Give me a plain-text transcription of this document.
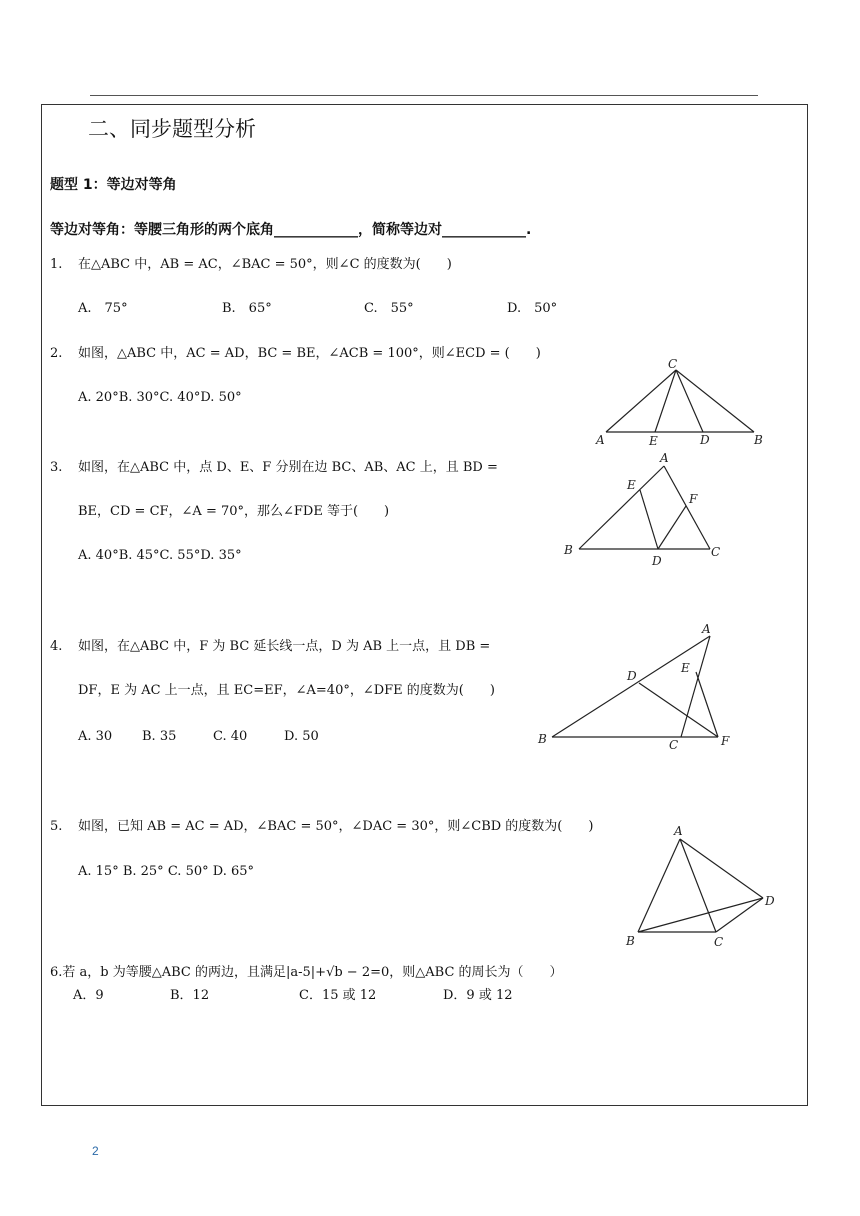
二、同步题型分析
题型 1：等边对等角
等边对等角：等腰三角形的两个底角____________，简称等边对____________.
1. 在△ABC 中，AB = AC，∠BAC = 50°，则∠C 的度数为(　　)
A.　75°	B.　65°	C.　55°	D.　50°
2. 如图，△ABC 中，AC = AD，BC = BE，∠ACB = 100°，则∠ECD = (　　)
A. 20°B. 30°C. 40°D. 50°
C
A	E	D	B
3. 如图，在△ABC 中，点 D、E、F 分别在边 BC、AB、AC 上，且 BD =
BE，CD = CF，∠A = 70°，那么∠FDE 等于(　　)
A. 40°B. 45°C. 55°D. 35°
A
E
F
B
D
C
4. 如图，在△ABC 中，F 为 BC 延长线一点，D 为 AB 上一点，且 DB =
DF，E 为 AC 上一点，且 EC=EF，∠A=40°，∠DFE 的度数为(　　)
A. 30 B. 35	C. 40	D. 50
A
D
E
B	C	F
5. 如图，已知 AB = AC = AD，∠BAC = 50°，∠DAC = 30°，则∠CBD 的度数为(　　)
A. 15° B. 25° C. 50° D. 65°
A
D
B	C
6.若 a，b 为等腰△ABC 的两边，且满足|a-5|+√b − 2=0，则△ABC 的周长为（　　）
A．9	B．12	C．15 或 12	D．9 或 12
2
